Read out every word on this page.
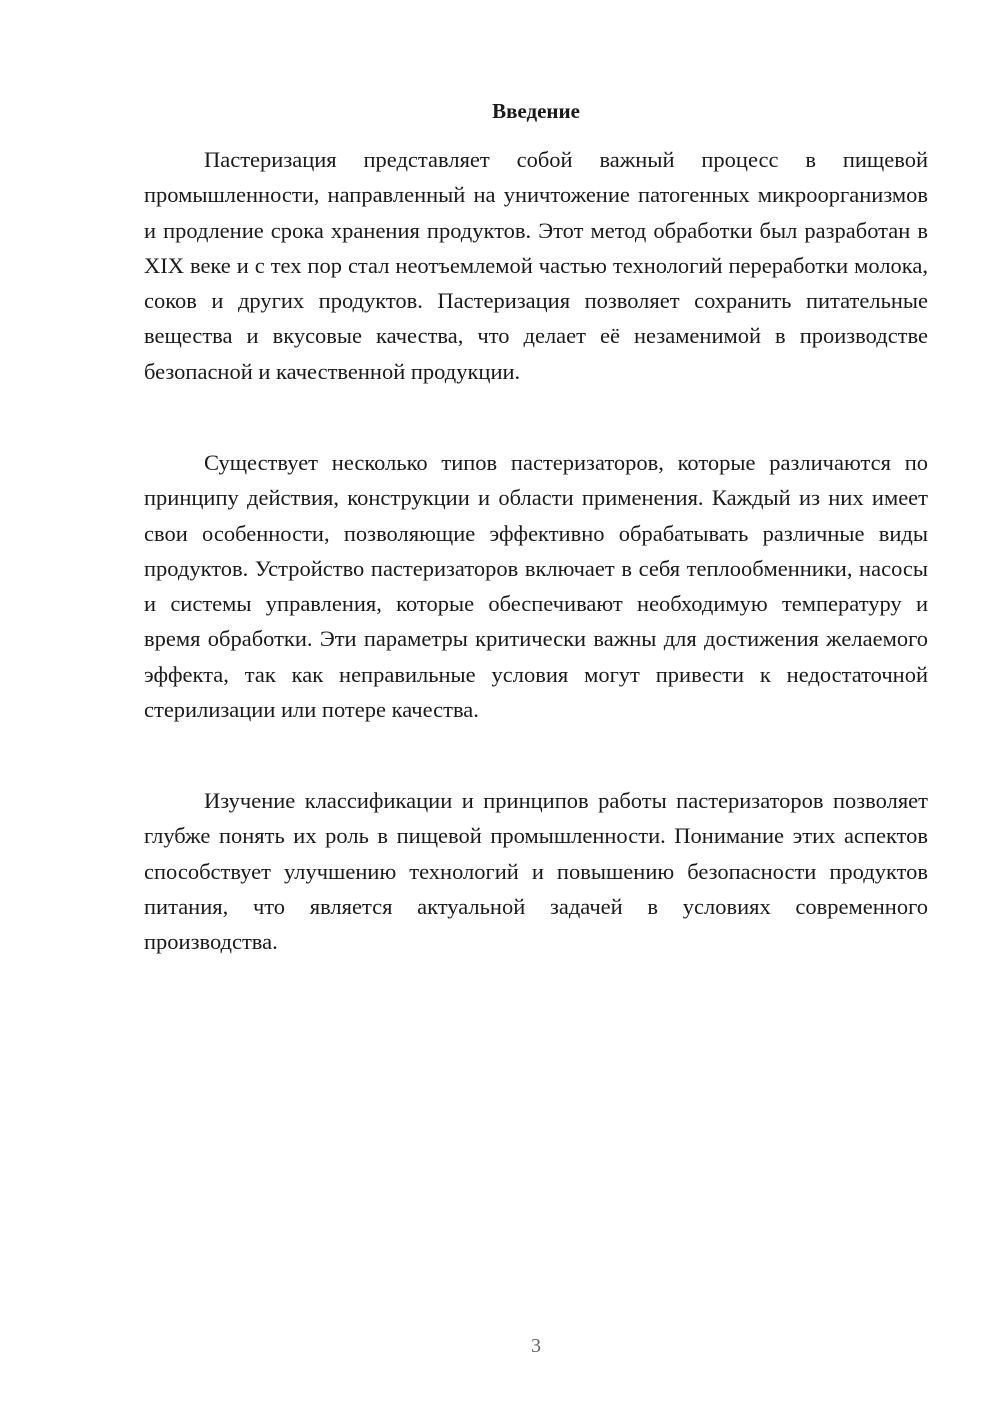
Введение

Пастеризация представляет собой важный процесс в пищевой промышленности, направленный на уничтожение патогенных микроорганизмов и продление срока хранения продуктов. Этот метод обработки был разработан в XIX веке и с тех пор стал неотъемлемой частью технологий переработки молока, соков и других продуктов. Пастеризация позволяет сохранить питательные вещества и вкусовые качества, что делает её незаменимой в производстве безопасной и качественной продукции.

Существует несколько типов пастеризаторов, которые различаются по принципу действия, конструкции и области применения. Каждый из них имеет свои особенности, позволяющие эффективно обрабатывать различные виды продуктов. Устройство пастеризаторов включает в себя теплообменники, насосы и системы управления, которые обеспечивают необходимую температуру и время обработки. Эти параметры критически важны для достижения желаемого эффекта, так как неправильные условия могут привести к недостаточной стерилизации или потере качества.

Изучение классификации и принципов работы пастеризаторов позволяет глубже понять их роль в пищевой промышленности. Понимание этих аспектов способствует улучшению технологий и повышению безопасности продуктов питания, что является актуальной задачей в условиях современного производства.

3
